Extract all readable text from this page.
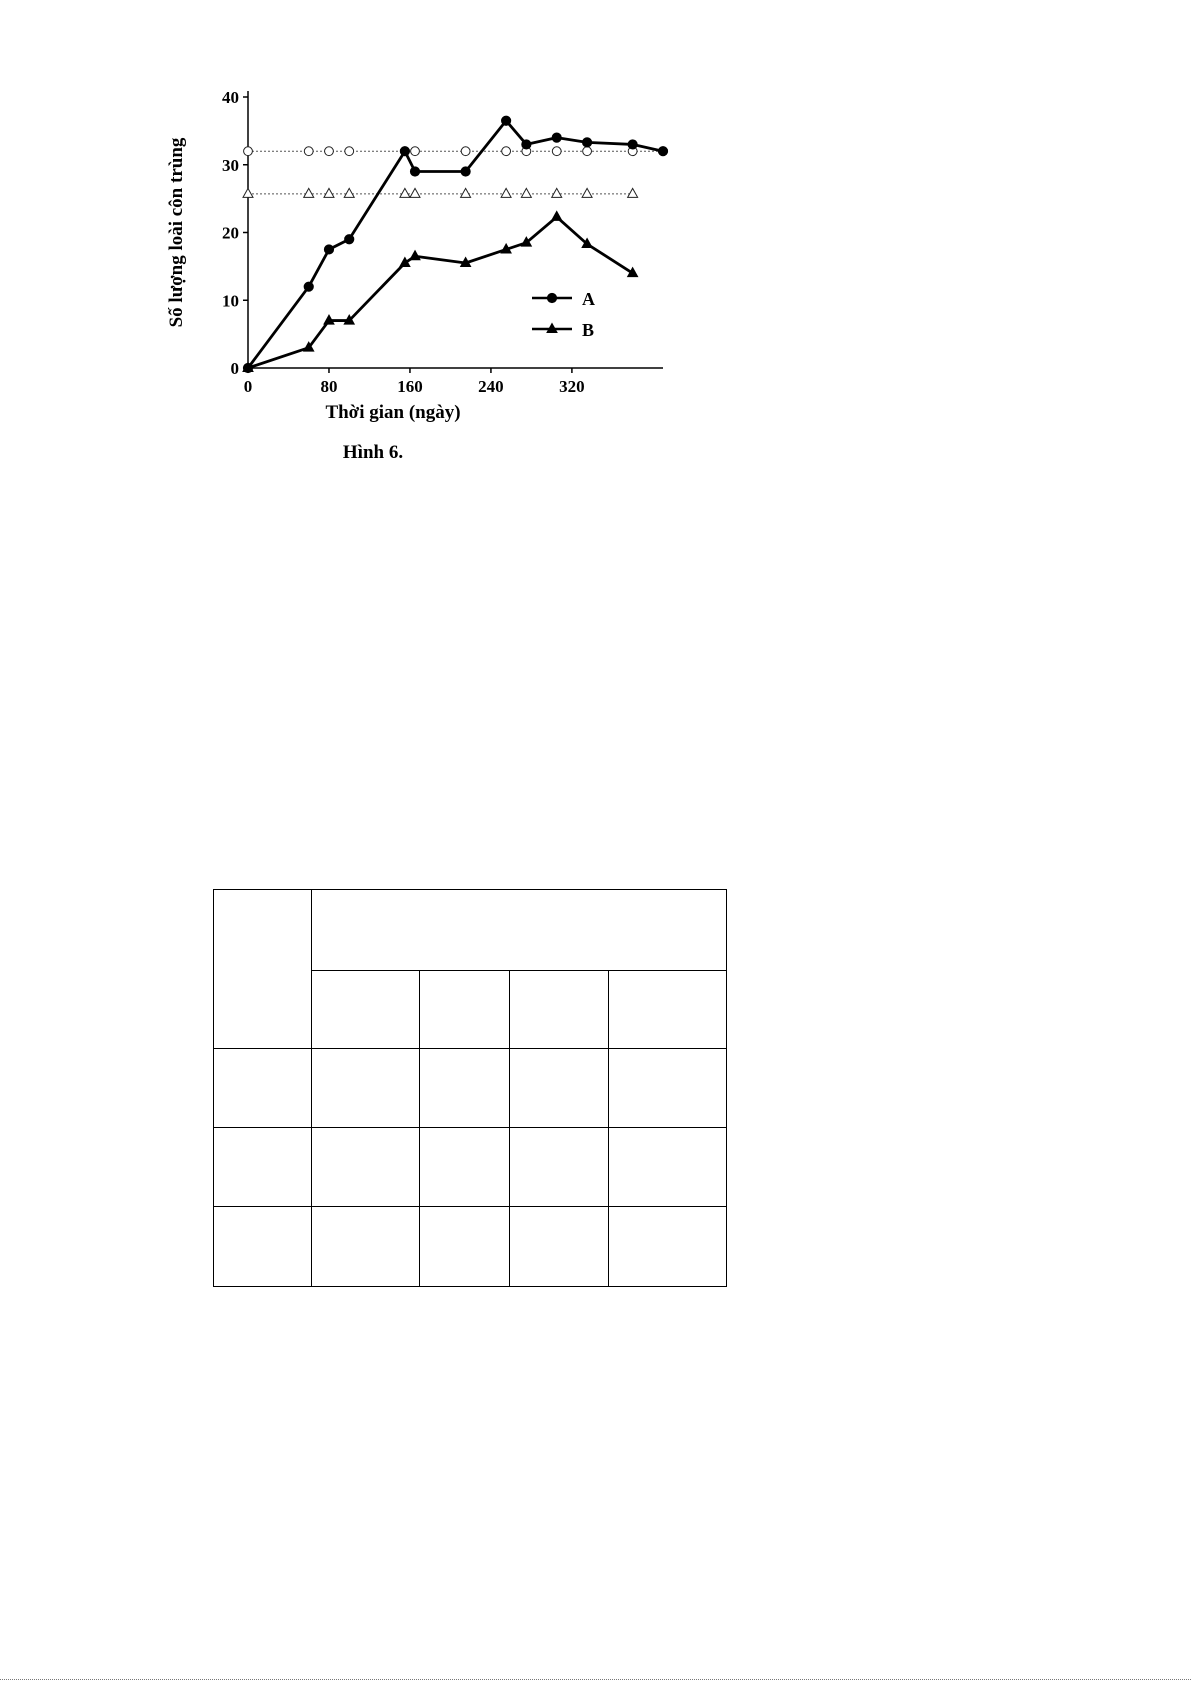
0
10
20
30
40
0	80	160	240	320
Thời gian (ngày)
Số lượng loài côn trùng
Hình 6.
A
B
